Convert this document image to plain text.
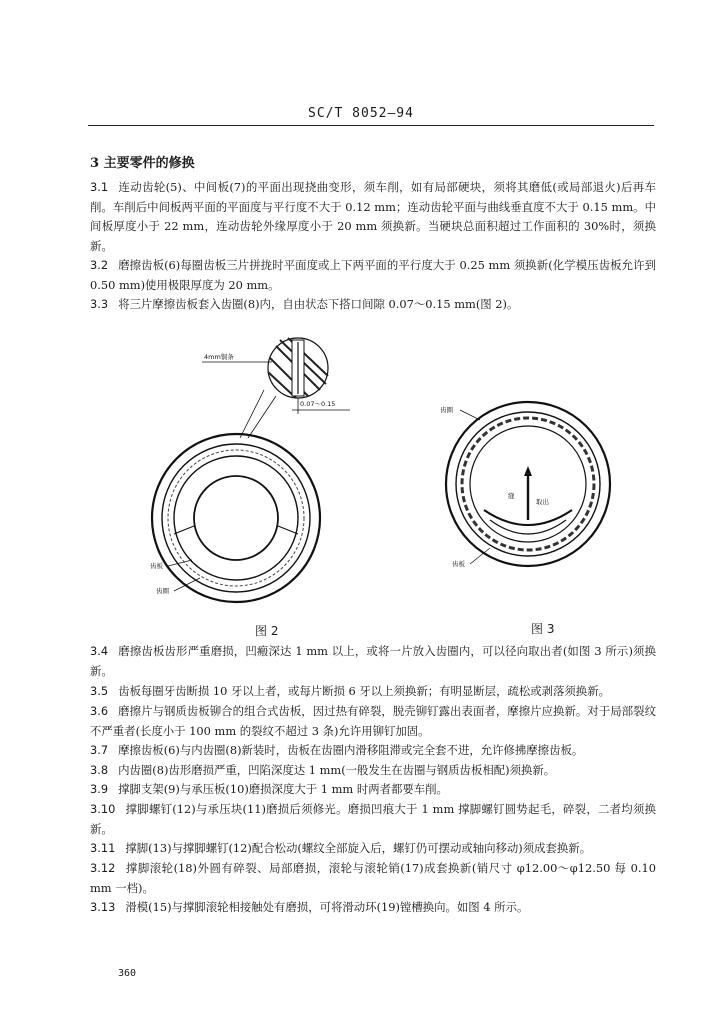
SC/T 8052—94
3 主要零件的修换
3.1 连动齿轮(5)、中间板(7)的平面出现挠曲变形，须车削，如有局部硬块，须将其磨低(或局部退火)后再车削。车削后中间板两平面的平面度与平行度不大于 0.12 mm；连动齿轮平面与曲线垂直度不大于 0.15 mm。中间板厚度小于 22 mm，连动齿轮外缘厚度小于 20 mm 须换新。当硬块总面积超过工作面积的 30%时，须换新。
3.2 磨擦齿板(6)每圈齿板三片拼拢时平面度或上下两平面的平行度大于 0.25 mm 须换新(化学模压齿板允许到 0.50 mm)使用极限厚度为 20 mm。
3.3 将三片摩擦齿板套入齿圈(8)内，自由状态下搭口间隙 0.07～0.15 mm(图 2)。
4mm铜条
0.07～0.15
齿板
齿圈
图 2
缝
取出
齿圈
齿板
图 3
3.4 磨擦齿板齿形严重磨损，凹瘢深达 1 mm 以上，或将一片放入齿圈内，可以径向取出者(如图 3 所示)须换新。
3.5 齿板每圈牙齿断损 10 牙以上者，或每片断损 6 牙以上须换新；有明显断层，疏松或剥落须换新。
3.6 磨擦片与钢质齿板铆合的组合式齿板，因过热有碎裂，脱壳铆钉露出表面者，摩擦片应换新。对于局部裂纹不严重者(长度小于 100 mm 的裂纹不超过 3 条)允许用铆钉加固。
3.7 摩擦齿板(6)与内齿圈(8)新装时，齿板在齿圈内滑移阻滞或完全套不进，允许修拂摩擦齿板。
3.8 内齿圈(8)齿形磨损严重，凹陷深度达 1 mm(一般发生在齿圈与钢质齿板相配)须换新。
3.9 撑脚支架(9)与承压板(10)磨损深度大于 1 mm 时两者都要车削。
3.10 撑脚螺钉(12)与承压块(11)磨损后须修光。磨损凹痕大于 1 mm 撑脚螺钉圆势起毛，碎裂，二者均须换新。
3.11 撑脚(13)与撑脚螺钉(12)配合松动(螺纹全部旋入后，螺钉仍可摆动或轴向移动)须成套换新。
3.12 撑脚滚轮(18)外圆有碎裂、局部磨损，滚轮与滚轮销(17)成套换新(销尺寸 φ12.00～φ12.50 每 0.10 mm 一档)。
3.13 滑模(15)与撑脚滚轮相接触处有磨损，可将滑动环(19)镗槽换向。如图 4 所示。
360
